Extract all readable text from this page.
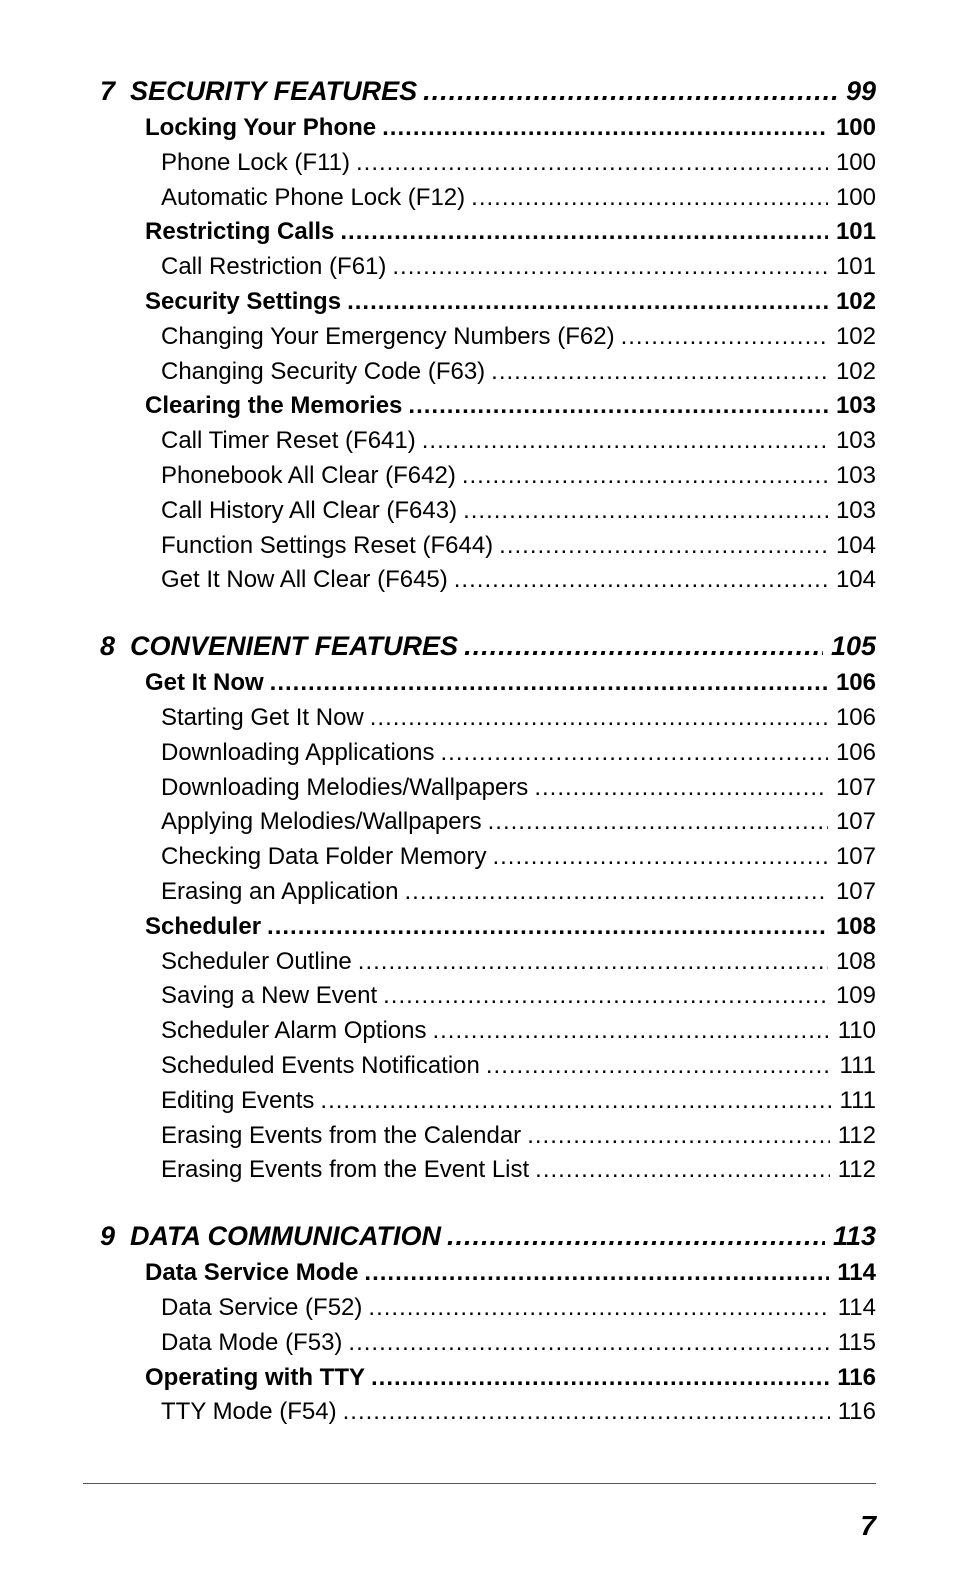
7 SECURITY FEATURES .....	99
Locking Your Phone .....	100
Phone Lock (F11) .....	100
Automatic Phone Lock (F12) .....	100
Restricting Calls .....	101
Call Restriction (F61) .....	101
Security Settings .....	102
Changing Your Emergency Numbers (F62) .....	102
Changing Security Code (F63) .....	102
Clearing the Memories .....	103
Call Timer Reset (F641) .....	103
Phonebook All Clear (F642) .....	103
Call History All Clear (F643) .....	103
Function Settings Reset (F644) .....	104
Get It Now All Clear (F645) .....	104
8 CONVENIENT FEATURES .....	105
Get It Now .....	106
Starting Get It Now .....	106
Downloading Applications .....	106
Downloading Melodies/Wallpapers .....	107
Applying Melodies/Wallpapers .....	107
Checking Data Folder Memory .....	107
Erasing an Application .....	107
Scheduler .....	108
Scheduler Outline .....	108
Saving a New Event .....	109
Scheduler Alarm Options .....	110
Scheduled Events Notification .....	111
Editing Events .....	111
Erasing Events from the Calendar .....	112
Erasing Events from the Event List .....	112
9 DATA COMMUNICATION .....	113
Data Service Mode .....	114
Data Service (F52) .....	114
Data Mode (F53) .....	115
Operating with TTY .....	116
TTY Mode (F54) .....	116
7
